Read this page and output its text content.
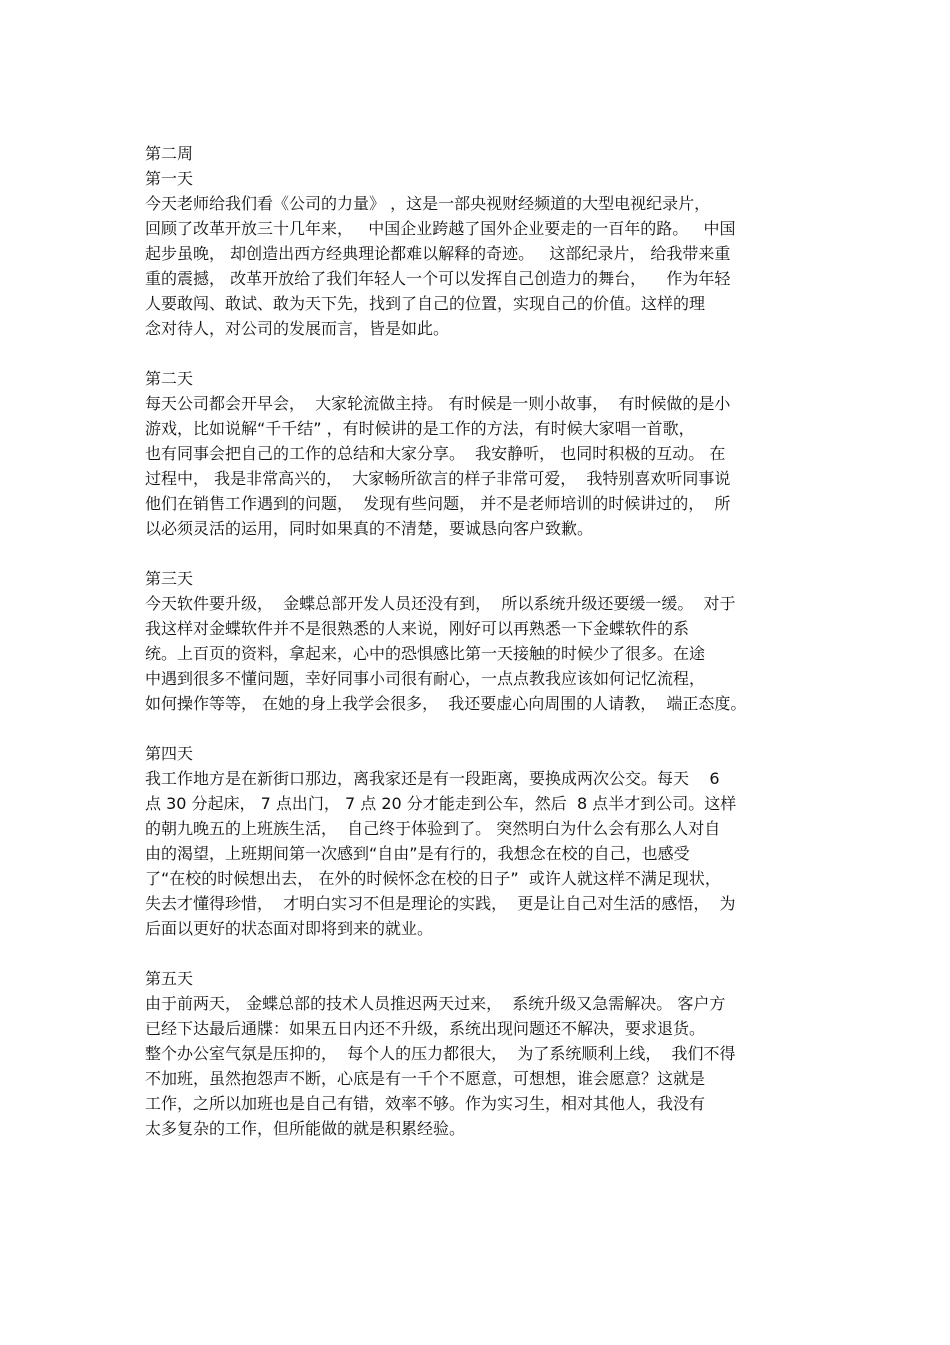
第二周
第一天
今天老师给我们看《公司的力量》 ，这是一部央视财经频道的大型电视纪录片，
回顾了改革开放三十几年来，   中国企业跨越了国外企业要走的一百年的路。   中国
起步虽晚， 却创造出西方经典理论都难以解释的奇迹。   这部纪录片， 给我带来重
重的震撼， 改革开放给了我们年轻人一个可以发挥自己创造力的舞台，    作为年轻
人要敢闯、敢试、敢为天下先，找到了自己的位置，实现自己的价值。这样的理
念对待人，对公司的发展而言，皆是如此。
第二天
每天公司都会开早会，  大家轮流做主持。 有时候是一则小故事，  有时候做的是小
游戏，比如说解“千千结” ，有时候讲的是工作的方法，有时候大家唱一首歌，
也有同事会把自己的工作的总结和大家分享。  我安静听， 也同时积极的互动。 在
过程中， 我是非常高兴的，  大家畅所欲言的样子非常可爱，  我特别喜欢听同事说
他们在销售工作遇到的问题，  发现有些问题， 并不是老师培训的时候讲过的，  所
以必须灵活的运用，同时如果真的不清楚，要诚恳向客户致歉。
第三天
今天软件要升级，  金蝶总部开发人员还没有到，  所以系统升级还要缓一缓。  对于
我这样对金蝶软件并不是很熟悉的人来说，刚好可以再熟悉一下金蝶软件的系
统。上百页的资料，拿起来，心中的恐惧感比第一天接触的时候少了很多。在途
中遇到很多不懂问题，幸好同事小司很有耐心，一点点教我应该如何记忆流程，
如何操作等等， 在她的身上我学会很多，  我还要虚心向周围的人请教，  端正态度。
第四天
我工作地方是在新街口那边，离我家还是有一段距离，要换成两次公交。每天    6
点 30 分起床， 7 点出门， 7 点 20 分才能走到公车，然后  8 点半才到公司。这样
的朝九晚五的上班族生活，  自己终于体验到了。 突然明白为什么会有那么人对自
由的渴望，上班期间第一次感到“自由”是有行的，我想念在校的自己，也感受
了“在校的时候想出去， 在外的时候怀念在校的日子”  或许人就这样不满足现状，
失去才懂得珍惜，  才明白实习不但是理论的实践，  更是让自己对生活的感悟，  为
后面以更好的状态面对即将到来的就业。
第五天
由于前两天， 金蝶总部的技术人员推迟两天过来，  系统升级又急需解决。 客户方
已经下达最后通牒：如果五日内还不升级，系统出现问题还不解决，要求退货。
整个办公室气氛是压抑的，  每个人的压力都很大，  为了系统顺利上线，  我们不得
不加班，虽然抱怨声不断，心底是有一千个不愿意，可想想，谁会愿意？这就是
工作，之所以加班也是自己有错，效率不够。作为实习生，相对其他人，我没有
太多复杂的工作，但所能做的就是积累经验。
